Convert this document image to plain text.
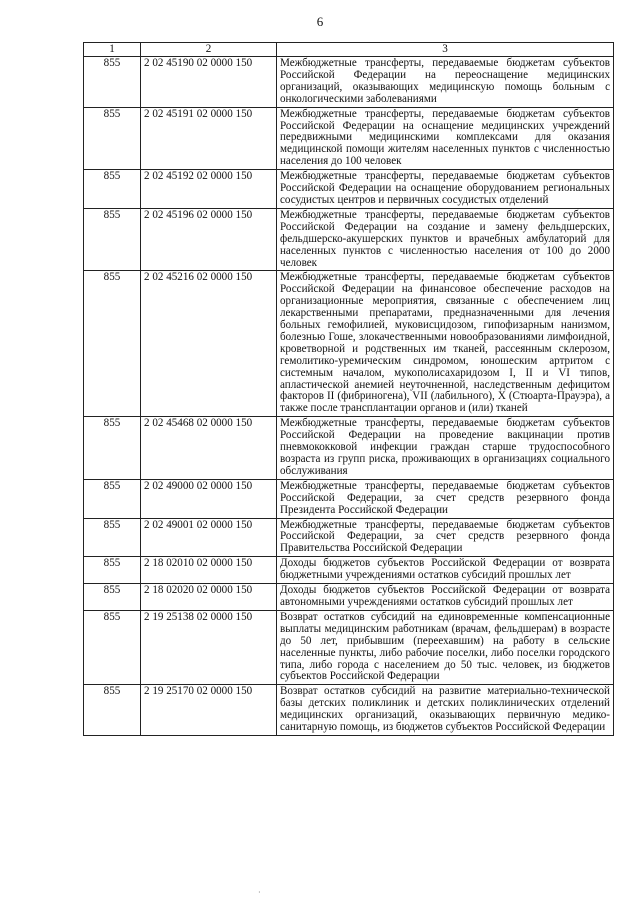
6
1	2	3
855	2 02 45190 02 0000 150	Межбюджетные трансферты, передаваемые бюджетам субъектов Российской Федерации на переоснащение медицинских организаций, оказывающих медицинскую помощь больным с онкологическими заболеваниями
855	2 02 45191 02 0000 150	Межбюджетные трансферты, передаваемые бюджетам субъектов Российской Федерации на оснащение медицинских учреждений передвижными медицинскими комплексами для оказания медицинской помощи жителям населенных пунктов с численностью населения до 100 человек
855	2 02 45192 02 0000 150	Межбюджетные трансферты, передаваемые бюджетам субъектов Российской Федерации на оснащение оборудованием региональных сосудистых центров и первичных сосудистых отделений
855	2 02 45196 02 0000 150	Межбюджетные трансферты, передаваемые бюджетам субъектов Российской Федерации на создание и замену фельдшерских, фельдшерско-акушерских пунктов и врачебных амбулаторий для населенных пунктов с численностью населения от 100 до 2000 человек
855	2 02 45216 02 0000 150	Межбюджетные трансферты, передаваемые бюджетам субъектов Российской Федерации на финансовое обеспечение расходов на организационные мероприятия, связанные с обеспечением лиц лекарственными препаратами, предназначенными для лечения больных гемофилией, муковисцидозом, гипофизарным нанизмом, болезнью Гоше, злокачественными новообразованиями лимфоидной, кроветворной и родственных им тканей, рассеянным склерозом, гемолитико-уремическим синдромом, юношеским артритом с системным началом, мукополисахаридозом I, II и VI типов, апластической анемией неуточненной, наследственным дефицитом факторов II (фибриногена), VII (лабильного), X (Стюарта-Прауэра), а также после трансплантации органов и (или) тканей
855	2 02 45468 02 0000 150	Межбюджетные трансферты, передаваемые бюджетам субъектов Российской Федерации на проведение вакцинации против пневмококковой инфекции граждан старше трудоспособного возраста из групп риска, проживающих в организациях социального обслуживания
855	2 02 49000 02 0000 150	Межбюджетные трансферты, передаваемые бюджетам субъектов Российской Федерации, за счет средств резервного фонда Президента Российской Федерации
855	2 02 49001 02 0000 150	Межбюджетные трансферты, передаваемые бюджетам субъектов Российской Федерации, за счет средств резервного фонда Правительства Российской Федерации
855	2 18 02010 02 0000 150	Доходы бюджетов субъектов Российской Федерации от возврата бюджетными учреждениями остатков субсидий прошлых лет
855	2 18 02020 02 0000 150	Доходы бюджетов субъектов Российской Федерации от возврата автономными учреждениями остатков субсидий прошлых лет
855	2 19 25138 02 0000 150	Возврат остатков субсидий на единовременные компенсационные выплаты медицинским работникам (врачам, фельдшерам) в возрасте до 50 лет, прибывшим (переехавшим) на работу в сельские населенные пункты, либо рабочие поселки, либо поселки городского типа, либо города с населением до 50 тыс. человек, из бюджетов субъектов Российской Федерации
855	2 19 25170 02 0000 150	Возврат остатков субсидий на развитие материально-технической базы детских поликлиник и детских поликлинических отделений медицинских организаций, оказывающих первичную медико-санитарную помощь, из бюджетов субъектов Российской Федерации
·
